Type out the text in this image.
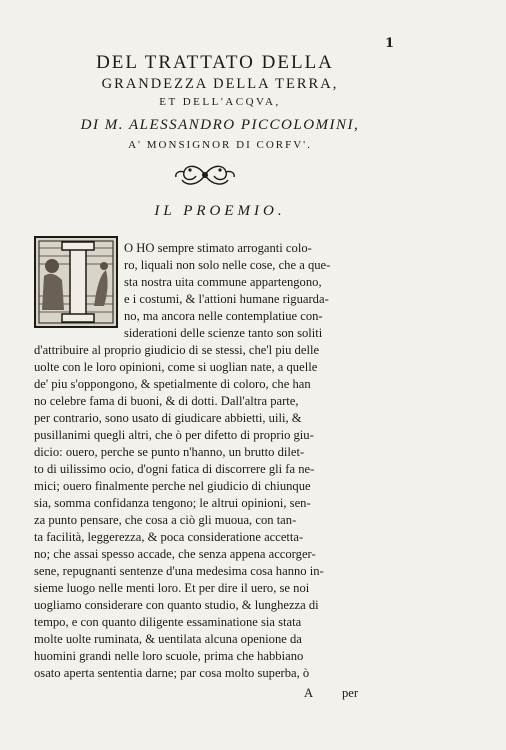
1
DEL TRATTATO DELLA
GRANDEZZA DELLA TERRA,
ET DELL'ACQVA,
DI M. ALESSANDRO PICCOLOMINI,
A' MONSIGNOR DI CORFV'.
IL PROEMIO.
O HO sempre stimato arroganti colo-
ro, liquali non solo nelle cose, che a que-
sta nostra uita commune appartengono,
e i costumi, & l'attioni humane riguarda-
no, ma ancora nelle contemplatiue con-
siderationi delle scienze tanto son soliti
d'attribuire al proprio giudicio di se stessi, che'l piu delle
uolte con le loro opinioni, come si uoglian nate, a quelle
de' piu s'oppongono, & spetialmente di coloro, che han
no celebre fama di buoni, & di dotti. Dall'altra parte,
per contrario, sono usato di giudicare abbietti, uili, &
pusillanimi quegli altri, che ò per difetto di proprio giu-
dicio: ouero, perche se punto n'hanno, un brutto dilet-
to di uilissimo ocio, d'ogni fatica di discorrere gli fa ne-
mici; ouero finalmente perche nel giudicio di chiunque
sia, somma confidanza tengono; le altrui opinioni, sen-
za punto pensare, che cosa a ciò gli muoua, con tan-
ta facilità, leggerezza, & poca consideratione accetta-
no; che assai spesso accade, che senza appena accorger-
sene, repugnanti sentenze d'una medesima cosa hanno in-
sieme luogo nelle menti loro. Et per dire il uero, se noi
uogliamo considerare con quanto studio, & lunghezza di
tempo, e con quanto diligente essaminatione sia stata
molte uolte ruminata, & uentilata alcuna openione da
huomini grandi nelle loro scuole, prima che habbiano
osato aperta sententia darne; par cosa molto superba, ò
A per
